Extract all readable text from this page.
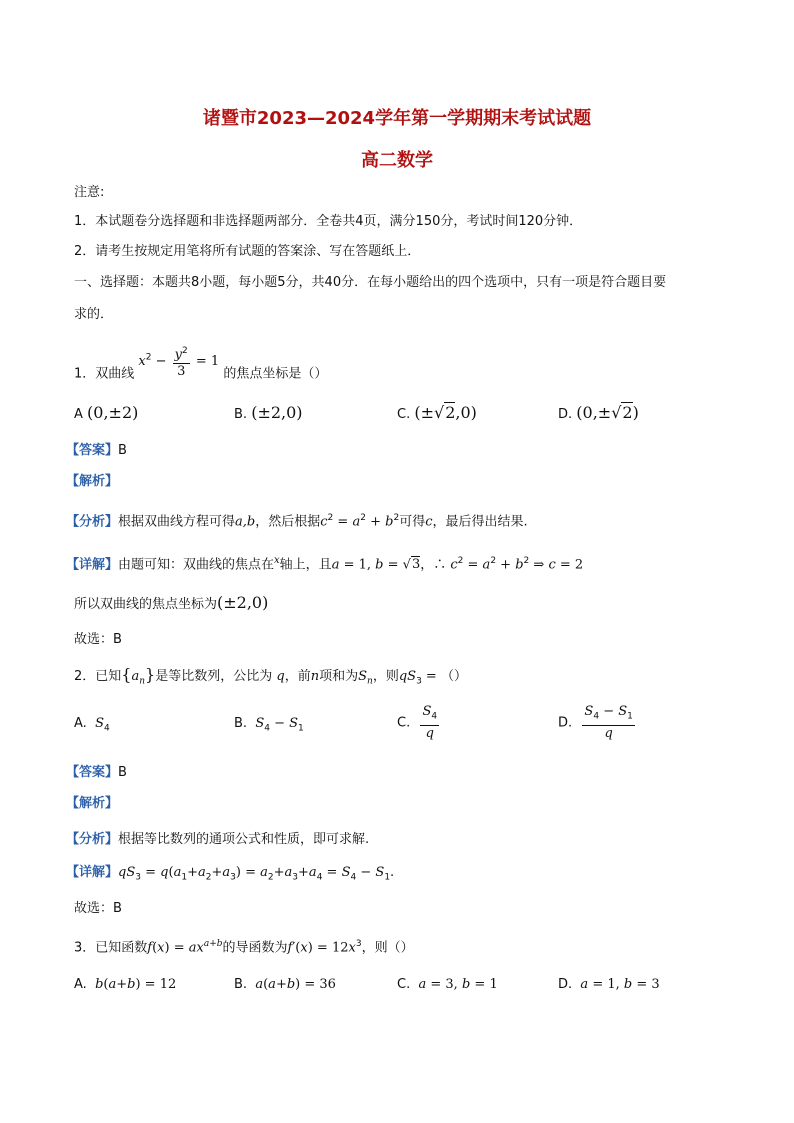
诸暨市2023—2024学年第一学期期末考试试题
高二数学
注意:
1．本试题卷分选择题和非选择题两部分．全卷共4页，满分150分，考试时间120分钟．
2．请考生按规定用笔将所有试题的答案涂、写在答题纸上．
一、选择题：本题共8小题，每小题5分，共40分．在每小题给出的四个选项中，只有一项是符合题目要
求的．
1．双曲线 $x^2 - \frac{y^2}{3} = 1$ 的焦点坐标是（）
A (0,±2)	B. (±2,0)	C. (±√2,0)	D. (0,±√2)
【答案】B
【解析】
【分析】根据双曲线方程可得a,b，然后根据$c^2 = a^2 + b^2$可得c，最后得出结果.
【详解】由题可知：双曲线的焦点在$^x$轴上，且a = 1, b = √3，∴ $c^2 = a^2 + b^2$ ⇒ c = 2
所以双曲线的焦点坐标为(±2,0)
故选：B
2．已知$\{a_n\}$是等比数列，公比为 q，前n项和为$S_n$，则$qS_3$ = （）
A. $S_4$	B. $S_4 - S_1$	C. $\frac{S_4}{q}$	D. $\frac{S_4 - S_1}{q}$
【答案】B
【解析】
【分析】根据等比数列的通项公式和性质，即可求解.
【详解】$qS_3 = q(a_1+a_2+a_3) = a_2+a_3+a_4 = S_4 - S_1$.
故选：B
3．已知函数$f(x) = ax^{a+b}$的导函数为$f'(x) = 12x^3$，则（）
A. b(a+b) = 12	B. a(a+b) = 36	C. a = 3, b = 1	D. a = 1, b = 3
